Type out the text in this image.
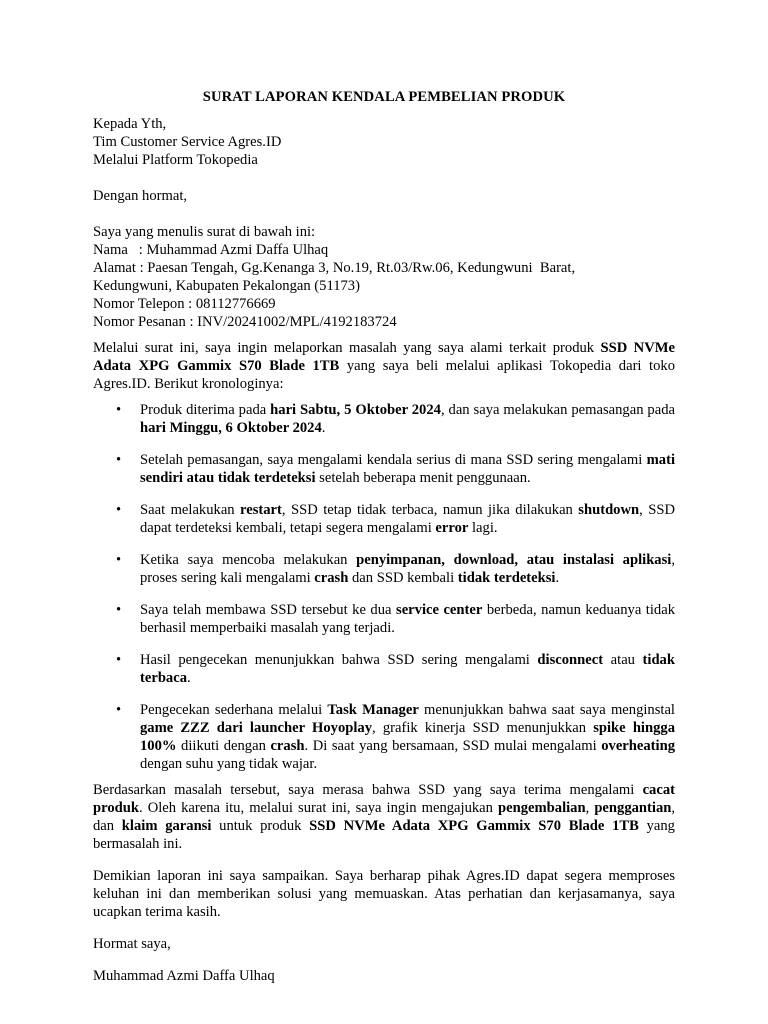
SURAT LAPORAN KENDALA PEMBELIAN PRODUK

Kepada Yth,

Tim Customer Service Agres.ID

Melalui Platform Tokopedia

Dengan hormat,

Saya yang menulis surat di bawah ini:

Nama   : Muhammad Azmi Daffa Ulhaq

Alamat : Paesan Tengah, Gg.Kenanga 3, No.19, Rt.03/Rw.06, Kedungwuni  Barat,

Kedungwuni, Kabupaten Pekalongan (51173)

Nomor Telepon : 08112776669

Nomor Pesanan : INV/20241002/MPL/4192183724

Melalui surat ini, saya ingin melaporkan masalah yang saya alami terkait produk SSD NVMe Adata XPG Gammix S70 Blade 1TB yang saya beli melalui aplikasi Tokopedia dari toko Agres.ID. Berikut kronologinya:

• Produk diterima pada hari Sabtu, 5 Oktober 2024, dan saya melakukan pemasangan pada hari Minggu, 6 Oktober 2024.
• Setelah pemasangan, saya mengalami kendala serius di mana SSD sering mengalami mati sendiri atau tidak terdeteksi setelah beberapa menit penggunaan.
• Saat melakukan restart, SSD tetap tidak terbaca, namun jika dilakukan shutdown, SSD dapat terdeteksi kembali, tetapi segera mengalami error lagi.
• Ketika saya mencoba melakukan penyimpanan, download, atau instalasi aplikasi, proses sering kali mengalami crash dan SSD kembali tidak terdeteksi.
• Saya telah membawa SSD tersebut ke dua service center berbeda, namun keduanya tidak berhasil memperbaiki masalah yang terjadi.
• Hasil pengecekan menunjukkan bahwa SSD sering mengalami disconnect atau tidak terbaca.
• Pengecekan sederhana melalui Task Manager menunjukkan bahwa saat saya menginstal game ZZZ dari launcher Hoyoplay, grafik kinerja SSD menunjukkan spike hingga 100% diikuti dengan crash. Di saat yang bersamaan, SSD mulai mengalami overheating dengan suhu yang tidak wajar.

Berdasarkan masalah tersebut, saya merasa bahwa SSD yang saya terima mengalami cacat produk. Oleh karena itu, melalui surat ini, saya ingin mengajukan pengembalian, penggantian, dan klaim garansi untuk produk SSD NVMe Adata XPG Gammix S70 Blade 1TB yang bermasalah ini.

Demikian laporan ini saya sampaikan. Saya berharap pihak Agres.ID dapat segera memproses keluhan ini dan memberikan solusi yang memuaskan. Atas perhatian dan kerjasamanya, saya ucapkan terima kasih.

Hormat saya,

Muhammad Azmi Daffa Ulhaq
